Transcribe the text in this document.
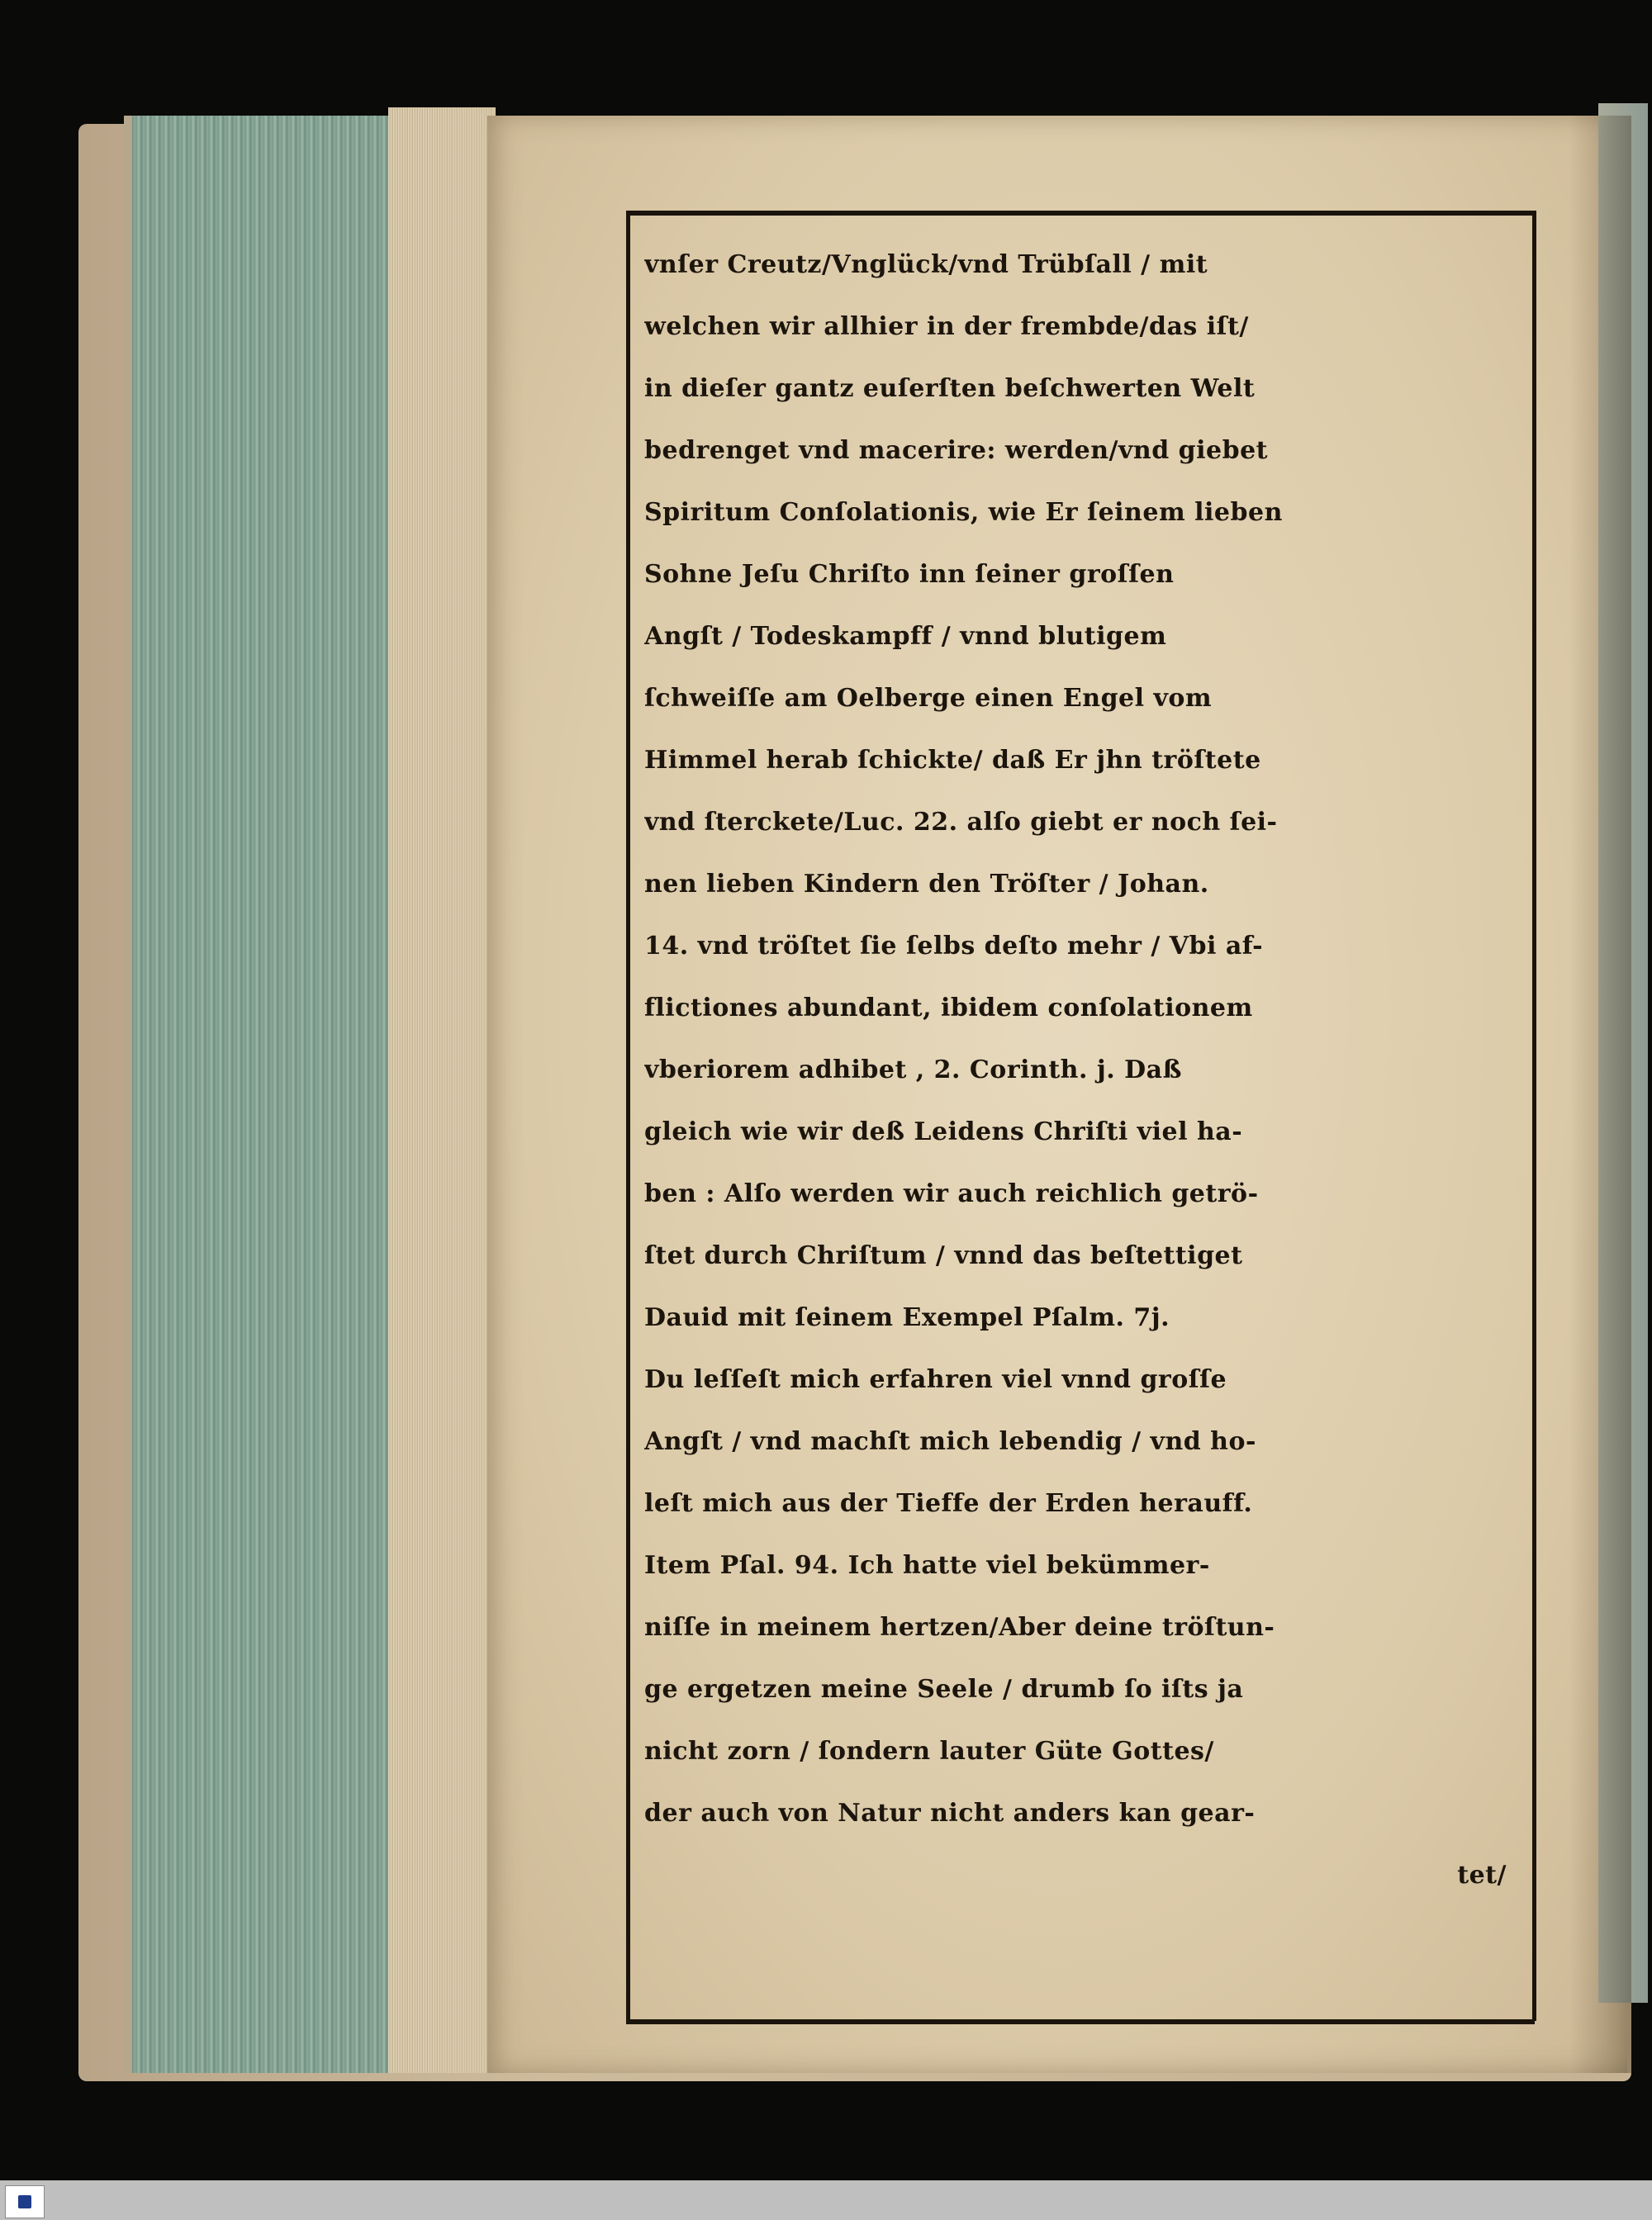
vnſer Creutz/Vnglück/vnd Trübſall / mit
welchen wir allhier in der frembde/das iſt/
in dieſer gantz euſerſten beſchwerten Welt
bedrenget vnd macerire: werden/vnd giebet
Spiritum Conſolationis, wie Er ſeinem lieben
Sohne Jeſu Chriſto inn ſeiner groſſen
Angſt / Todeskampff / vnnd blutigem
ſchweiſſe am Oelberge einen Engel vom
Himmel herab ſchickte/ daß Er jhn tröſtete
vnd ſterckete/Luc. 22. alſo giebt er noch ſei-
nen lieben Kindern den Tröſter / Johan.
14. vnd tröſtet ſie ſelbs deſto mehr / Vbi af-
flictiones abundant, ibidem conſolationem
vberiorem adhibet , 2. Corinth. j. Daß
gleich wie wir deß Leidens Chriſti viel ha-
ben : Alſo werden wir auch reichlich getrö-
ſtet durch Chriſtum / vnnd das beſtettiget
Dauid mit ſeinem Exempel Pſalm. 7j.
Du leſſeſt mich erfahren viel vnnd groſſe
Angſt / vnd machſt mich lebendig / vnd ho-
leſt mich aus der Tieffe der Erden herauff.
Item Pſal. 94. Ich hatte viel bekümmer-
niſſe in meinem hertzen/Aber deine tröſtun-
ge ergetzen meine Seele / drumb ſo iſts ja
nicht zorn / ſondern lauter Güte Gottes/
der auch von Natur nicht anders kan gear-
tet/
